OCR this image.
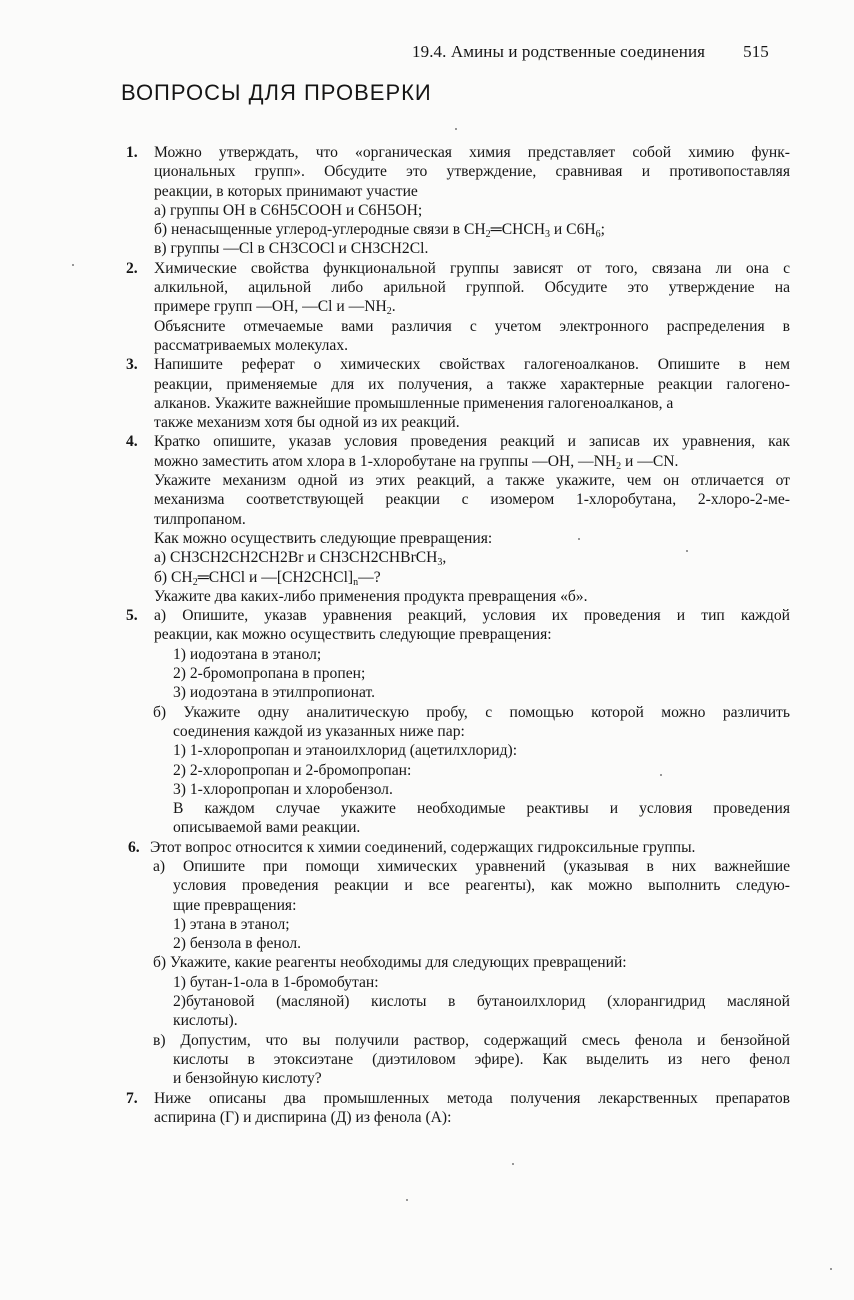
19.4. Амины и родственные соединения 515
ВОПРОСЫ ДЛЯ ПРОВЕРКИ
1. Можно утверждать, что «органическая химия представляет собой химию функ-
циональных групп». Обсудите это утверждение, сравнивая и противопоставляя
реакции, в которых принимают участие
а) группы ОН в C6H5COOH и C6H5OH;
б) ненасыщенные углерод-углеродные связи в $CH_2═CHCH_3$ и $C6H_6$;
в) группы —Cl в CH3COCl и CH3CH2Cl.
2. Химические свойства функциональной группы зависят от того, связана ли она с
алкильной, ацильной либо арильной группой. Обсудите это утверждение на
примере групп —OH, —Cl и $—NH_2$.
Объясните отмечаемые вами различия с учетом электронного распределения в
рассматриваемых молекулах.
3. Напишите реферат о химических свойствах галогеноалканов. Опишите в нем
реакции, применяемые для их получения, а также характерные реакции галогено-
алканов. Укажите важнейшие промышленные применения галогеноалканов, а
также механизм хотя бы одной из их реакций.
4. Кратко опишите, указав условия проведения реакций и записав их уравнения, как
можно заместить атом хлора в 1-хлоробутане на группы —OH, $—NH_2$ и —CN.
Укажите механизм одной из этих реакций, а также укажите, чем он отличается от
механизма соответствующей реакции с изомером 1-хлоробутана, 2-хлоро-2-ме-
тилпропаном.
Как можно осуществить следующие превращения:
а) CH3CH2CH2CH2Br и CH3CH2CHBrCH$_3$,
б) $CH_2═CHCl$ и $—[CH2CHCl]_n—$?
Укажите два каких-либо применения продукта превращения «б».
5. а) Опишите, указав уравнения реакций, условия их проведения и тип каждой
реакции, как можно осуществить следующие превращения:
1) иодоэтана в этанол;
2) 2-бромопропана в пропен;
3) иодоэтана в этилпропионат.
б) Укажите одну аналитическую пробу, с помощью которой можно различить
соединения каждой из указанных ниже пар:
1) 1-хлоропропан и этаноилхлорид (ацетилхлорид):
2) 2-хлоропропан и 2-бромопропан:
3) 1-хлоропропан и хлоробензол.
В каждом случае укажите необходимые реактивы и условия проведения
описываемой вами реакции.
6. Этот вопрос относится к химии соединений, содержащих гидроксильные группы.
а) Опишите при помощи химических уравнений (указывая в них важнейшие
условия проведения реакции и все реагенты), как можно выполнить следую-
щие превращения:
1) этана в этанол;
2) бензола в фенол.
б) Укажите, какие реагенты необходимы для следующих превращений:
1) бутан-1-ола в 1-бромобутан:
2)бутановой (масляной) кислоты в бутаноилхлорид (хлорангидрид масляной
кислоты).
в) Допустим, что вы получили раствор, содержащий смесь фенола и бензойной
кислоты в этоксиэтане (диэтиловом эфире). Как выделить из него фенол
и бензойную кислоту?
7. Ниже описаны два промышленных метода получения лекарственных препаратов
аспирина (Г) и диспирина (Д) из фенола (А):
